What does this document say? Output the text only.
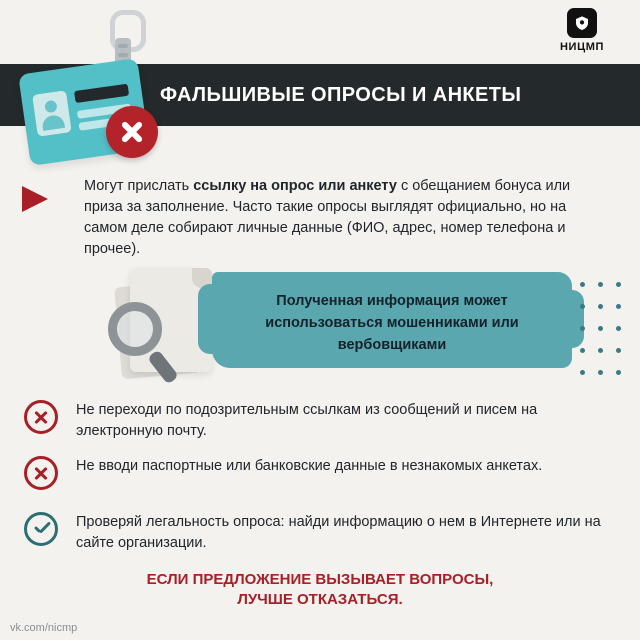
НИЦМП
ФАЛЬШИВЫЕ ОПРОСЫ И АНКЕТЫ
Могут прислать ссылку на опрос или анкету с обещанием бонуса или приза за заполнение. Часто такие опросы выглядят официально, но на самом деле собирают личные данные (ФИО, адрес, номер телефона и прочее).
Полученная информация может использоваться мошенниками или вербовщиками
Не переходи по подозрительным ссылкам из сообщений и писем на электронную почту.
Не вводи паспортные или банковские данные в незнакомых анкетах.
Проверяй легальность опроса: найди информацию о нем в Интернете или на сайте организации.
ЕСЛИ ПРЕДЛОЖЕНИЕ ВЫЗЫВАЕТ ВОПРОСЫ,
ЛУЧШЕ ОТКАЗАТЬСЯ.
vk.com/nicmp
